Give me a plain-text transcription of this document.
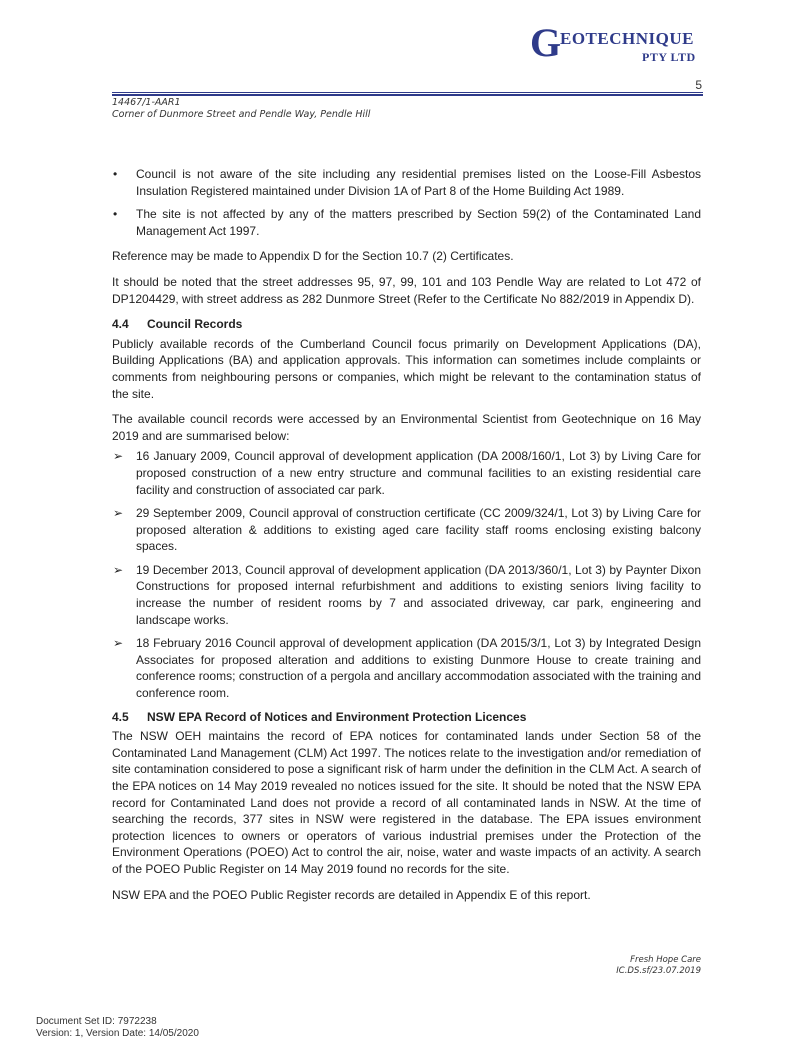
G
EOTECHNIQUE
PTY LTD
5
14467/1-AAR1
Corner of Dunmore Street and Pendle Way, Pendle Hill
• Council is not aware of the site including any residential premises listed on the Loose-Fill Asbestos Insulation Registered maintained under Division 1A of Part 8 of the Home Building Act 1989.
• The site is not affected by any of the matters prescribed by Section 59(2) of the Contaminated Land Management Act 1997.

Reference may be made to Appendix D for the Section 10.7 (2) Certificates.

It should be noted that the street addresses 95, 97, 99, 101 and 103 Pendle Way are related to Lot 472 of DP1204429, with street address as 282 Dunmore Street (Refer to the Certificate No 882/2019 in Appendix D).

4.4 Council Records

Publicly available records of the Cumberland Council focus primarily on Development Applications (DA), Building Applications (BA) and application approvals. This information can sometimes include complaints or comments from neighbouring persons or companies, which might be relevant to the contamination status of the site.

The available council records were accessed by an Environmental Scientist from Geotechnique on 16 May 2019 and are summarised below:

➢ 16 January 2009, Council approval of development application (DA 2008/160/1, Lot 3) by Living Care for proposed construction of a new entry structure and communal facilities to an existing residential care facility and construction of associated car park.
➢ 29 September 2009, Council approval of construction certificate (CC 2009/324/1, Lot 3) by Living Care for proposed alteration & additions to existing aged care facility staff rooms enclosing existing balcony spaces.
➢ 19 December 2013, Council approval of development application (DA 2013/360/1, Lot 3) by Paynter Dixon Constructions for proposed internal refurbishment and additions to existing seniors living facility to increase the number of resident rooms by 7 and associated driveway, car park, engineering and landscape works.
➢ 18 February 2016 Council approval of development application (DA 2015/3/1, Lot 3) by Integrated Design Associates for proposed alteration and additions to existing Dunmore House to create training and conference rooms; construction of a pergola and ancillary accommodation associated with the training and conference room.
4.5 NSW EPA Record of Notices and Environment Protection Licences

The NSW OEH maintains the record of EPA notices for contaminated lands under Section 58 of the Contaminated Land Management (CLM) Act 1997. The notices relate to the investigation and/or remediation of site contamination considered to pose a significant risk of harm under the definition in the CLM Act. A search of the EPA notices on 14 May 2019 revealed no notices issued for the site. It should be noted that the NSW EPA record for Contaminated Land does not provide a record of all contaminated lands in NSW. At the time of searching the records, 377 sites in NSW were registered in the database. The EPA issues environment protection licences to owners or operators of various industrial premises under the Protection of the Environment Operations (POEO) Act to control the air, noise, water and waste impacts of an activity. A search of the POEO Public Register on 14 May 2019 found no records for the site.

NSW EPA and the POEO Public Register records are detailed in Appendix E of this report.

Fresh Hope Care
IC.DS.sf/23.07.2019
Document Set ID: 7972238
Version: 1, Version Date: 14/05/2020
